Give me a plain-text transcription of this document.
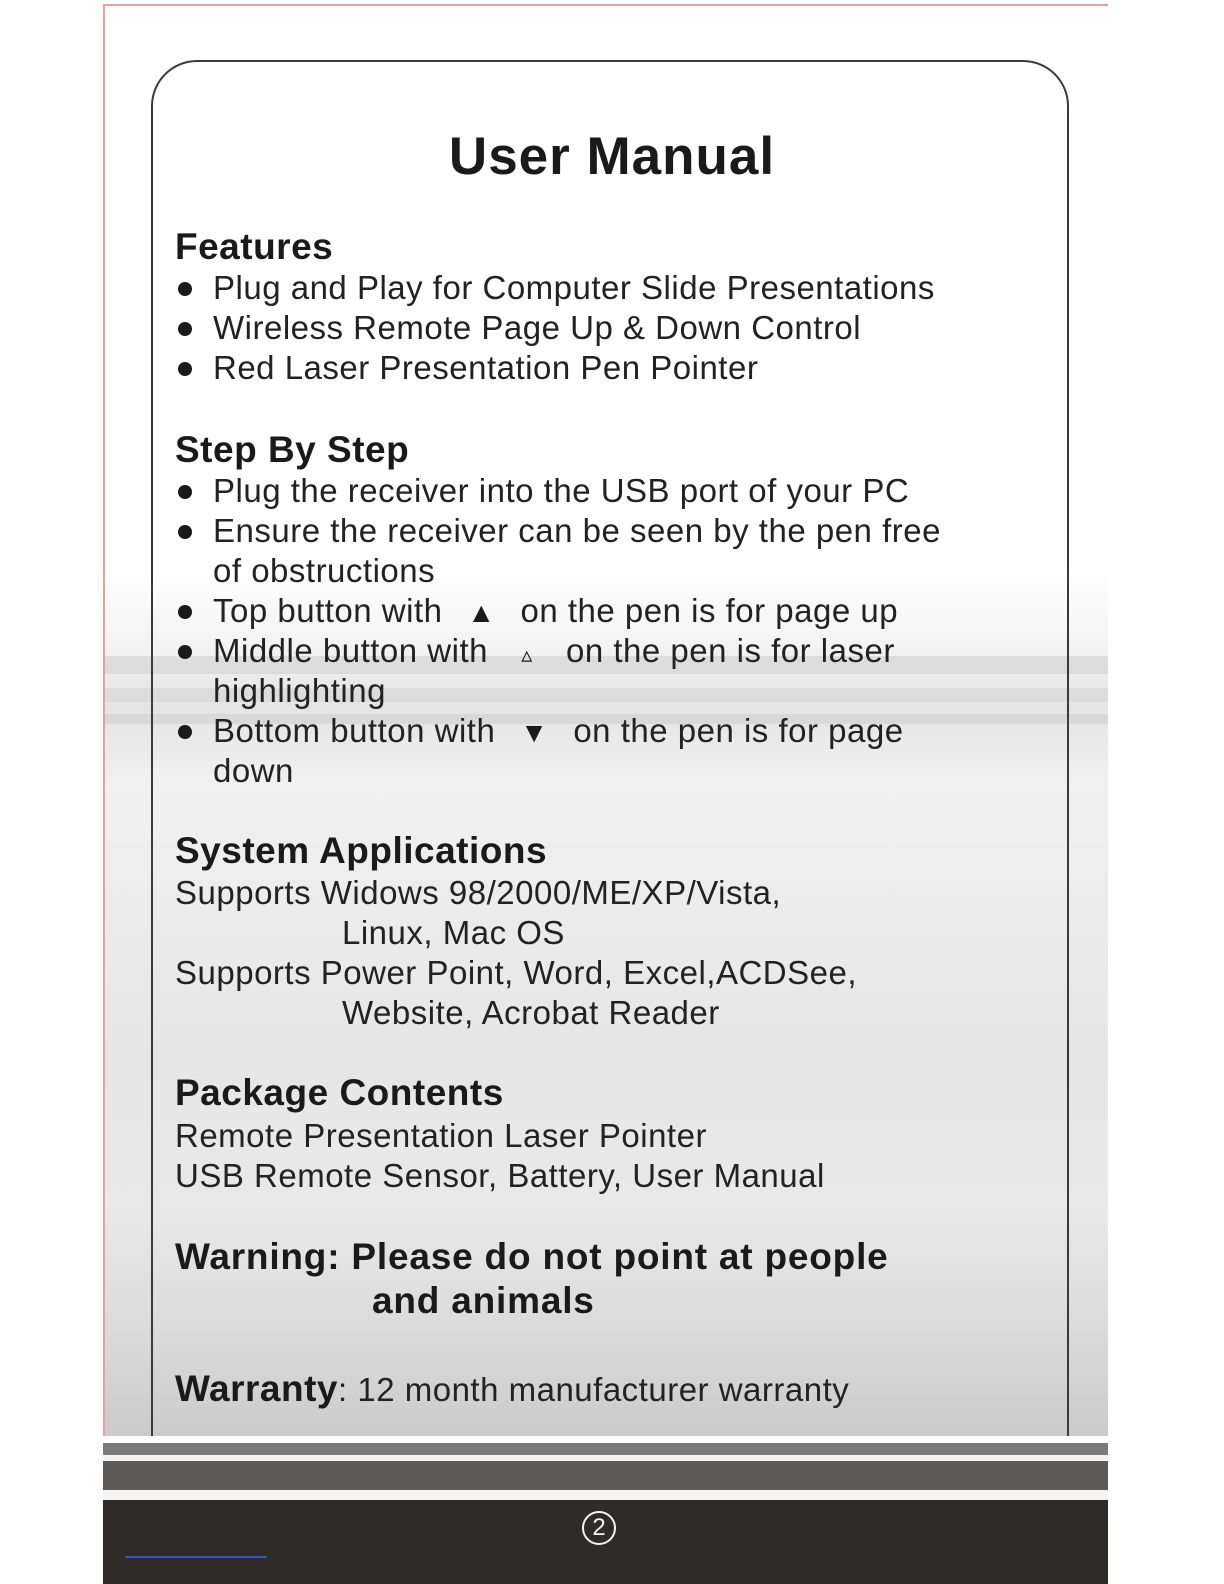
User Manual
Features
Plug and Play for Computer Slide Presentations
Wireless Remote Page Up & Down Control
Red Laser Presentation Pen Pointer
Step By Step
Plug the receiver into the USB port of your PC
Ensure the receiver can be seen by the pen free
of obstructions
Top button with ▲ on the pen is for page up
Middle button with ▵ on the pen is for laser
highlighting
Bottom button with ▼ on the pen is for page
down
System Applications
Supports Widows 98/2000/ME/XP/Vista,
Linux, Mac OS
Supports Power Point, Word, Excel,ACDSee,
Website, Acrobat Reader
Package Contents
Remote Presentation Laser Pointer
USB Remote Sensor, Battery, User Manual
Warning: Please do not point at people
and animals
Warranty: 12 month manufacturer warranty
2
